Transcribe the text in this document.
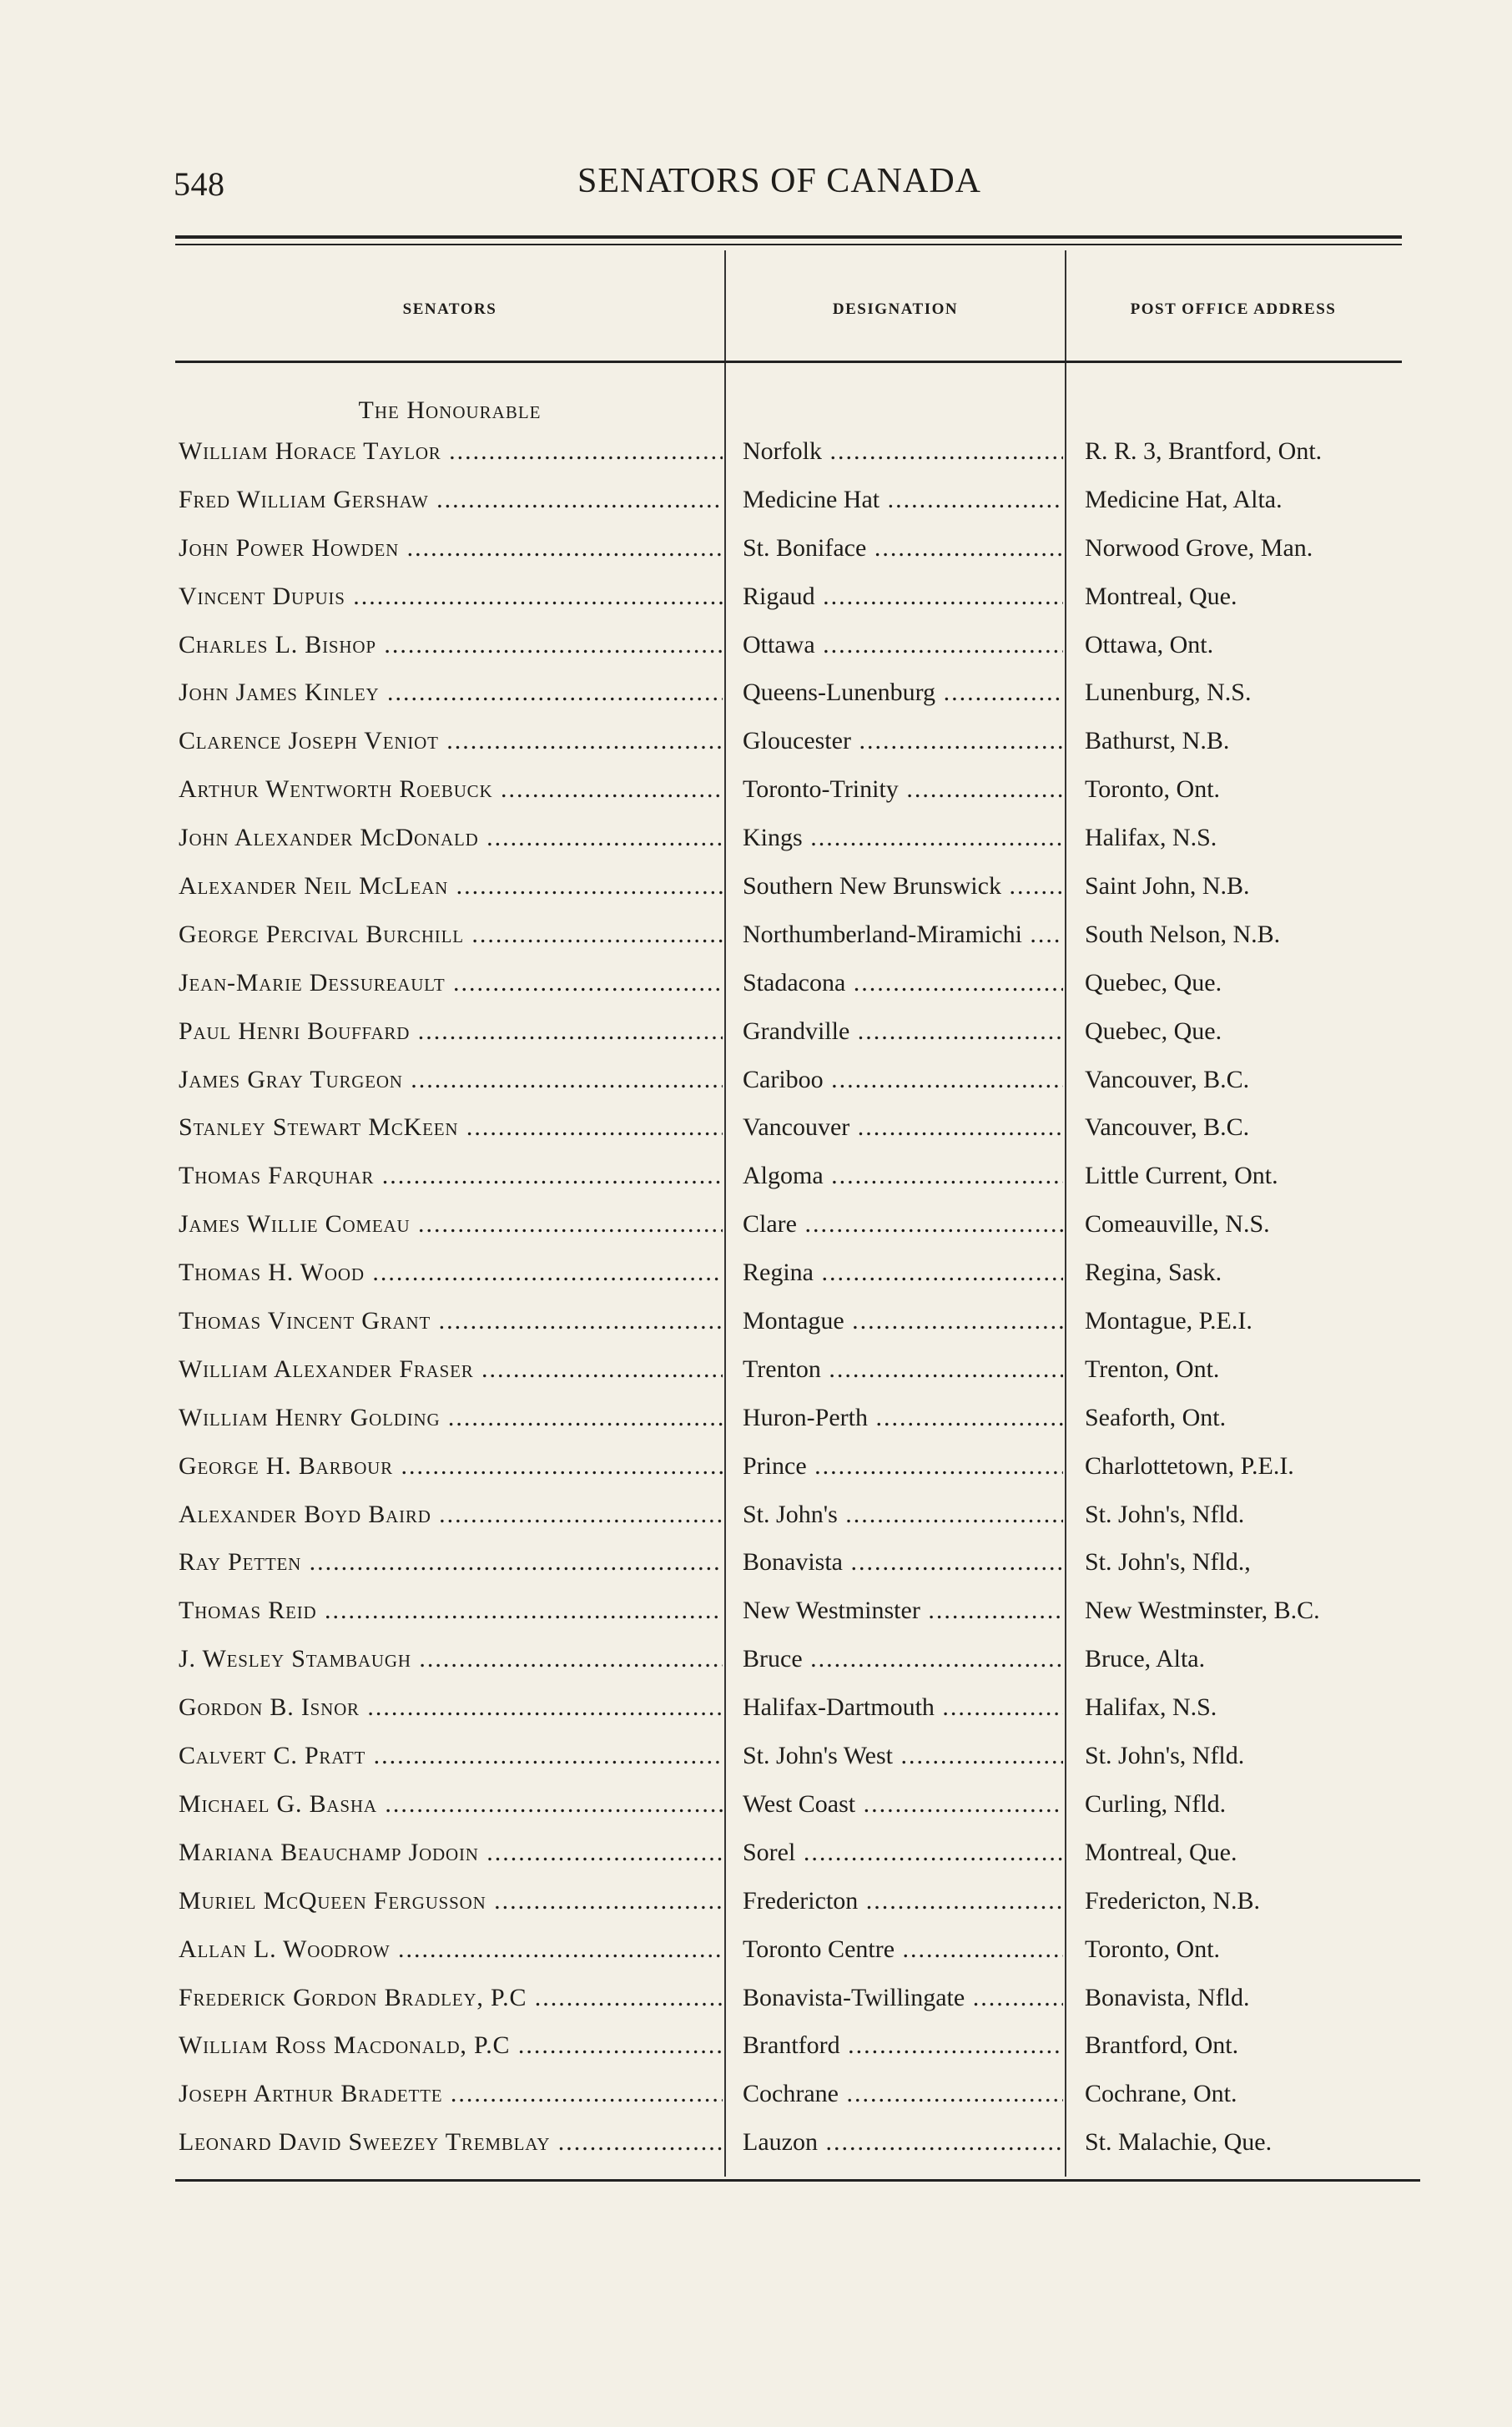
548	SENATORS OF CANADA
SENATORS	DESIGNATION	POST OFFICE ADDRESS
The Honourable
William Horace Taylor .....	Norfolk .....	R. R. 3, Brantford, Ont.
Fred William Gershaw .....	Medicine Hat .....	Medicine Hat, Alta.
John Power Howden .....	St. Boniface .....	Norwood Grove, Man.
Vincent Dupuis .....	Rigaud .....	Montreal, Que.
Charles L. Bishop .....	Ottawa .....	Ottawa, Ont.
John James Kinley .....	Queens-Lunenburg .....	Lunenburg, N.S.
Clarence Joseph Veniot .....	Gloucester .....	Bathurst, N.B.
Arthur Wentworth Roebuck .....	Toronto-Trinity .....	Toronto, Ont.
John Alexander McDonald .....	Kings .....	Halifax, N.S.
Alexander Neil McLean .....	Southern New Brunswick .....	Saint John, N.B.
George Percival Burchill .....	Northumberland-Miramichi .....	South Nelson, N.B.
Jean-Marie Dessureault .....	Stadacona .....	Quebec, Que.
Paul Henri Bouffard .....	Grandville .....	Quebec, Que.
James Gray Turgeon .....	Cariboo .....	Vancouver, B.C.
Stanley Stewart McKeen .....	Vancouver .....	Vancouver, B.C.
Thomas Farquhar .....	Algoma .....	Little Current, Ont.
James Willie Comeau .....	Clare .....	Comeauville, N.S.
Thomas H. Wood .....	Regina .....	Regina, Sask.
Thomas Vincent Grant .....	Montague .....	Montague, P.E.I.
William Alexander Fraser .....	Trenton .....	Trenton, Ont.
William Henry Golding .....	Huron-Perth .....	Seaforth, Ont.
George H. Barbour .....	Prince .....	Charlottetown, P.E.I.
Alexander Boyd Baird .....	St. John's .....	St. John's, Nfld.
Ray Petten .....	Bonavista .....	St. John's, Nfld.,
Thomas Reid .....	New Westminster .....	New Westminster, B.C.
J. Wesley Stambaugh .....	Bruce .....	Bruce, Alta.
Gordon B. Isnor .....	Halifax-Dartmouth .....	Halifax, N.S.
Calvert C. Pratt .....	St. John's West .....	St. John's, Nfld.
Michael G. Basha .....	West Coast .....	Curling, Nfld.
Mariana Beauchamp Jodoin .....	Sorel .....	Montreal, Que.
Muriel McQueen Fergusson .....	Fredericton .....	Fredericton, N.B.
Allan L. Woodrow .....	Toronto Centre .....	Toronto, Ont.
Frederick Gordon Bradley, P.C .....	Bonavista-Twillingate .....	Bonavista, Nfld.
William Ross Macdonald, P.C .....	Brantford .....	Brantford, Ont.
Joseph Arthur Bradette .....	Cochrane .....	Cochrane, Ont.
Leonard David Sweezey Tremblay .....	Lauzon .....	St. Malachie, Que.
